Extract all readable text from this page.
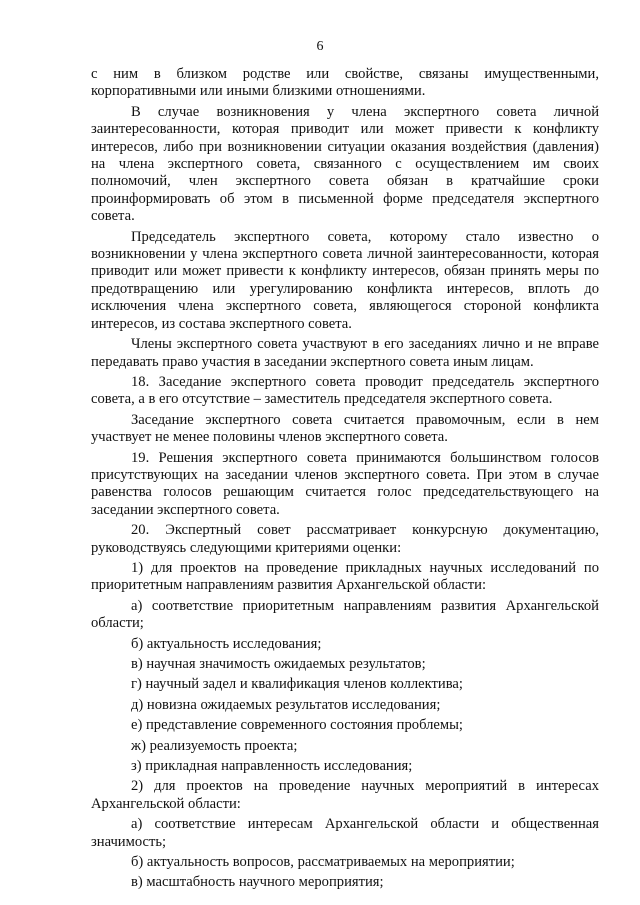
6

с ним в близком родстве или свойстве, связаны имущественными, корпоративными или иными близкими отношениями.

В случае возникновения у члена экспертного совета личной заинтересованности, которая приводит или может привести к конфликту интересов, либо при возникновении ситуации оказания воздействия (давления) на члена экспертного совета, связанного с осуществлением им своих полномочий, член экспертного совета обязан в кратчайшие сроки проинформировать об этом в письменной форме председателя экспертного совета.

Председатель экспертного совета, которому стало известно о возникновении у члена экспертного совета личной заинтересованности, которая приводит или может привести к конфликту интересов, обязан принять меры по предотвращению или урегулированию конфликта интересов, вплоть до исключения члена экспертного совета, являющегося стороной конфликта интересов, из состава экспертного совета.

Члены экспертного совета участвуют в его заседаниях лично и не вправе передавать право участия в заседании экспертного совета иным лицам.

18. Заседание экспертного совета проводит председатель экспертного совета, а в его отсутствие – заместитель председателя экспертного совета.

Заседание экспертного совета считается правомочным, если в нем участвует не менее половины членов экспертного совета.

19. Решения экспертного совета принимаются большинством голосов присутствующих на заседании членов экспертного совета. При этом в случае равенства голосов решающим считается голос председательствующего на заседании экспертного совета.

20. Экспертный совет рассматривает конкурсную документацию, руководствуясь следующими критериями оценки:

1) для проектов на проведение прикладных научных исследований по приоритетным направлениям развития Архангельской области:

а) соответствие приоритетным направлениям развития Архангельской области;

б) актуальность исследования;

в) научная значимость ожидаемых результатов;

г) научный задел и квалификация членов коллектива;

д) новизна ожидаемых результатов исследования;

е) представление современного состояния проблемы;

ж) реализуемость проекта;

з) прикладная направленность исследования;

2) для проектов на проведение научных мероприятий в интересах Архангельской области:

а) соответствие интересам Архангельской области и общественная значимость;

б) актуальность вопросов, рассматриваемых на мероприятии;

в) масштабность научного мероприятия;
